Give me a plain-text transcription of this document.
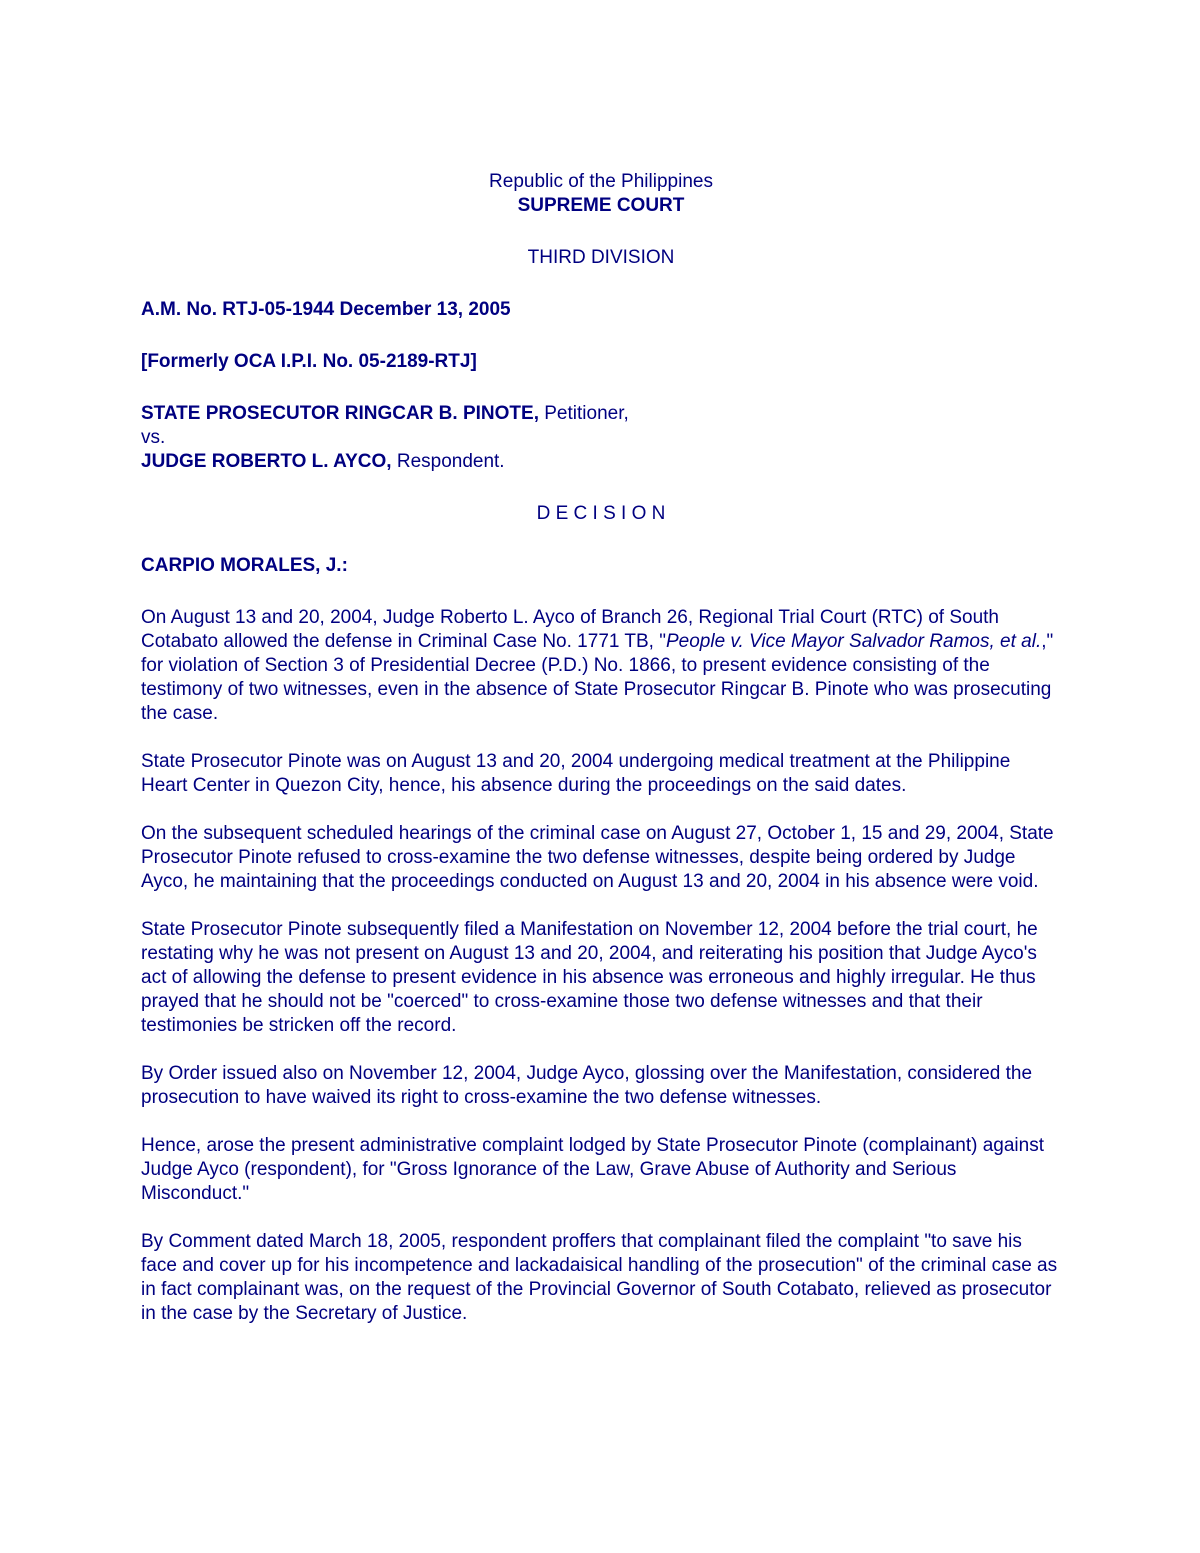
Republic of the Philippines

SUPREME COURT

THIRD DIVISION

A.M. No. RTJ-05-1944 December 13, 2005

[Formerly OCA I.P.I. No. 05-2189-RTJ]

STATE PROSECUTOR RINGCAR B. PINOTE, Petitioner,

vs.

JUDGE ROBERTO L. AYCO, Respondent.

D E C I S I O N

CARPIO MORALES, J.:

On August 13 and 20, 2004, Judge Roberto L. Ayco of Branch 26, Regional Trial Court (RTC) of South Cotabato allowed the defense in Criminal Case No. 1771 TB, "People v. Vice Mayor Salvador Ramos, et al.," for violation of Section 3 of Presidential Decree (P.D.) No. 1866, to present evidence consisting of the testimony of two witnesses, even in the absence of State Prosecutor Ringcar B. Pinote who was prosecuting the case.

State Prosecutor Pinote was on August 13 and 20, 2004 undergoing medical treatment at the Philippine Heart Center in Quezon City, hence, his absence during the proceedings on the said dates.

On the subsequent scheduled hearings of the criminal case on August 27, October 1, 15 and 29, 2004, State Prosecutor Pinote refused to cross-examine the two defense witnesses, despite being ordered by Judge Ayco, he maintaining that the proceedings conducted on August 13 and 20, 2004 in his absence were void.

State Prosecutor Pinote subsequently filed a Manifestation on November 12, 2004 before the trial court, he restating why he was not present on August 13 and 20, 2004, and reiterating his position that Judge Ayco's act of allowing the defense to present evidence in his absence was erroneous and highly irregular. He thus prayed that he should not be "coerced" to cross-examine those two defense witnesses and that their testimonies be stricken off the record.

By Order issued also on November 12, 2004, Judge Ayco, glossing over the Manifestation, considered the prosecution to have waived its right to cross-examine the two defense witnesses.

Hence, arose the present administrative complaint lodged by State Prosecutor Pinote (complainant) against Judge Ayco (respondent), for "Gross Ignorance of the Law, Grave Abuse of Authority and Serious Misconduct."

By Comment dated March 18, 2005, respondent proffers that complainant filed the complaint "to save his face and cover up for his incompetence and lackadaisical handling of the prosecution" of the criminal case as in fact complainant was, on the request of the Provincial Governor of South Cotabato, relieved as prosecutor in the case by the Secretary of Justice.
